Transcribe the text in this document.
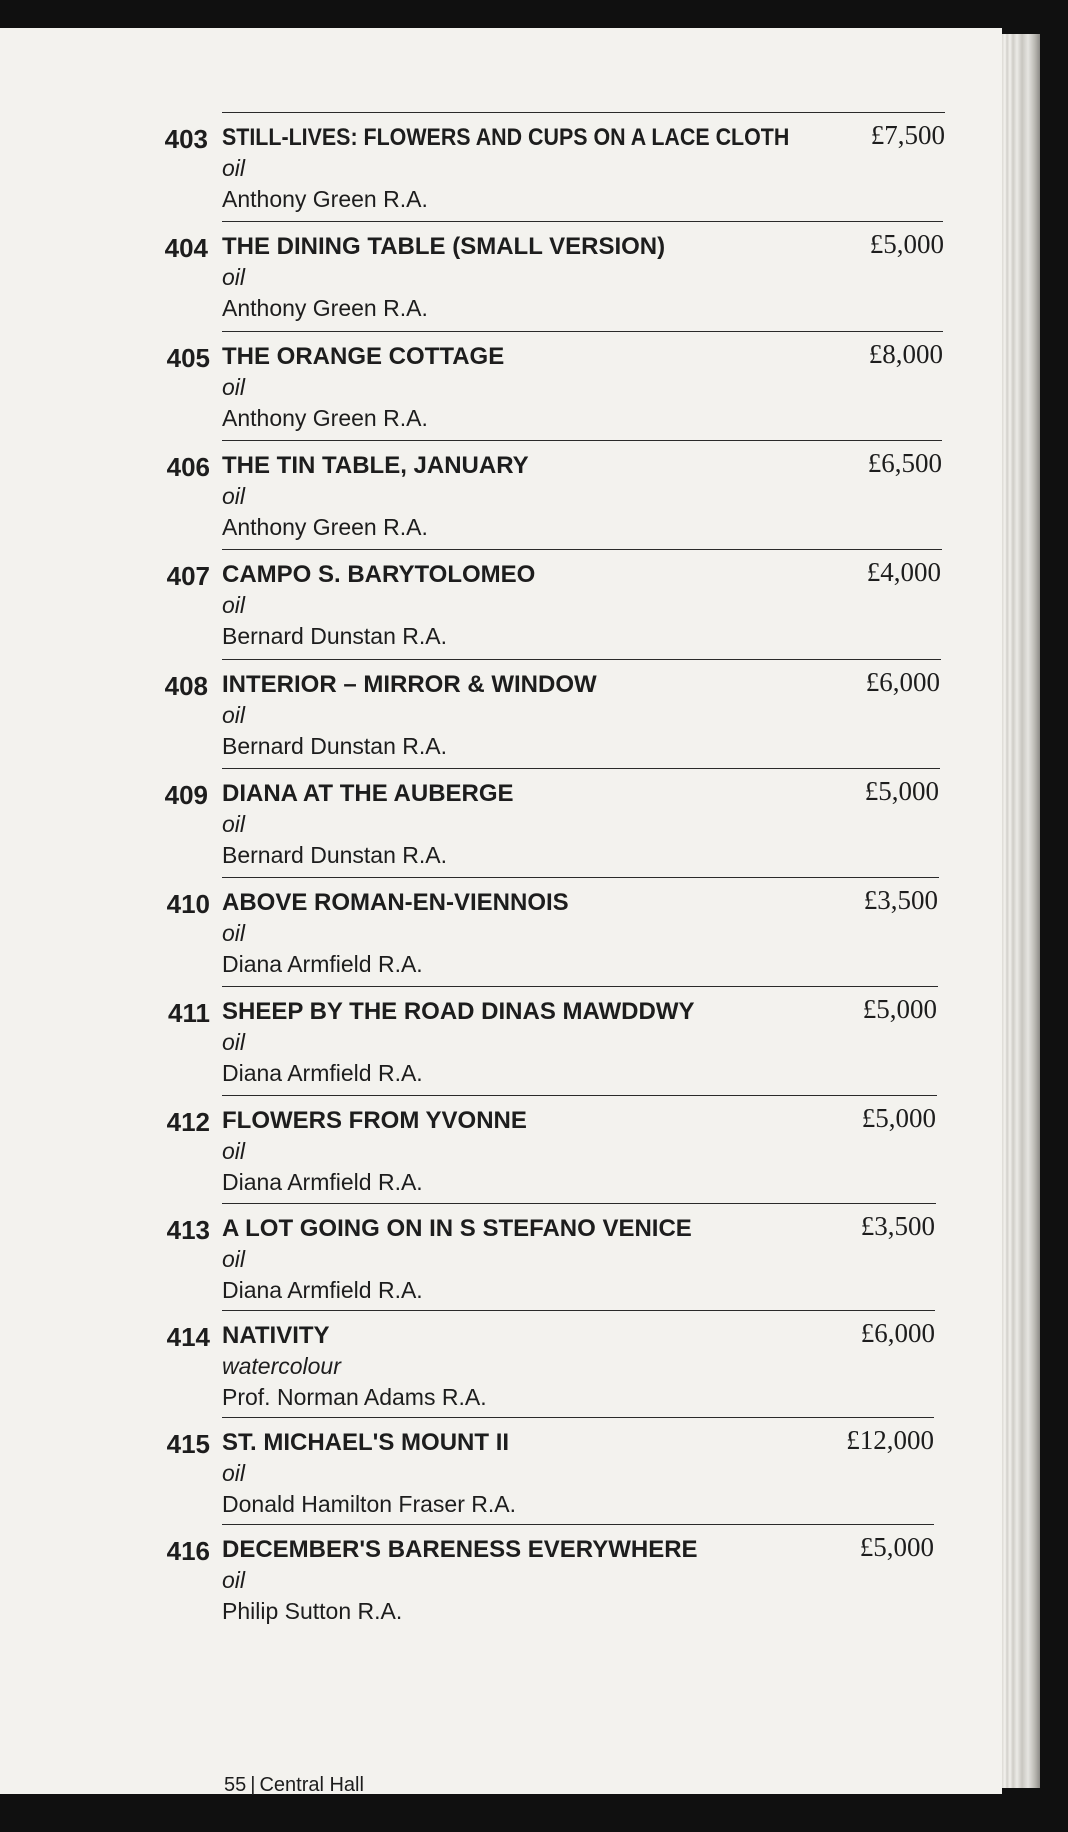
403 STILL-LIVES: FLOWERS AND CUPS ON A LACE CLOTH
oil
Anthony Green R.A.
£7,500
404 THE DINING TABLE (SMALL VERSION)
oil
Anthony Green R.A.
£5,000
405 THE ORANGE COTTAGE
oil
Anthony Green R.A.
£8,000
406 THE TIN TABLE, JANUARY
oil
Anthony Green R.A.
£6,500
407 CAMPO S. BARYTOLOMEO
oil
Bernard Dunstan R.A.
£4,000
408 INTERIOR – MIRROR & WINDOW
oil
Bernard Dunstan R.A.
£6,000
409 DIANA AT THE AUBERGE
oil
Bernard Dunstan R.A.
£5,000
410 ABOVE ROMAN-EN-VIENNOIS
oil
Diana Armfield R.A.
£3,500
411 SHEEP BY THE ROAD DINAS MAWDDWY
oil
Diana Armfield R.A.
£5,000
412 FLOWERS FROM YVONNE
oil
Diana Armfield R.A.
£5,000
413 A LOT GOING ON IN S STEFANO VENICE
oil
Diana Armfield R.A.
£3,500
414 NATIVITY
watercolour
Prof. Norman Adams R.A.
£6,000
415 ST. MICHAEL'S MOUNT II
oil
Donald Hamilton Fraser R.A.
£12,000
416 DECEMBER'S BARENESS EVERYWHERE
oil
Philip Sutton R.A.
£5,000
55 | Central Hall
